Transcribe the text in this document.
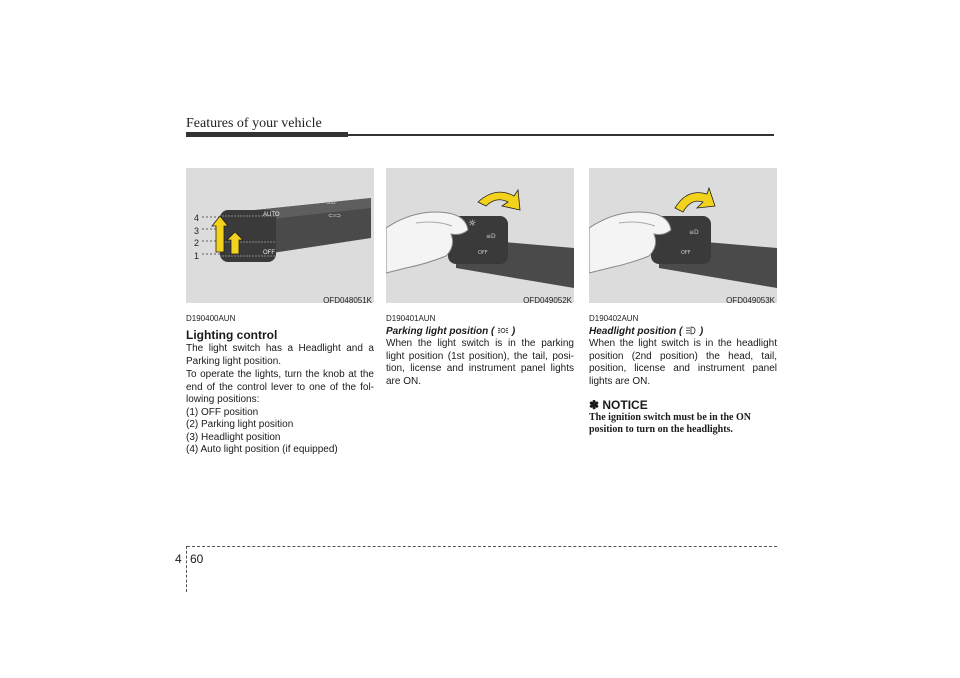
Features of your vehicle
⇦⇨
≡D
4
3
2
1
AUTO
OFF
OFD048051K
D190400AUN
Lighting control
The light switch has a Headlight and a Parking light position.
To operate the lights, turn the knob at the end of the control lever to one of the fol-lowing positions:
(1) OFF position
(2) Parking light position
(3) Headlight position
(4) Auto light position (if equipped)
☼
≡D
OFF
OFD049052K
D190401AUN
Parking light position ( )
When the light switch is in the parking light position (1st position), the tail, posi-tion, license and instrument panel lights are ON.
≡D
OFF
OFD049053K
D190402AUN
Headlight position ( )
When the light switch is in the headlight position (2nd position) the head, tail, position, license and instrument panel lights are ON.
✽ NOTICE
The ignition switch must be in the ON position to turn on the headlights.
4 60
